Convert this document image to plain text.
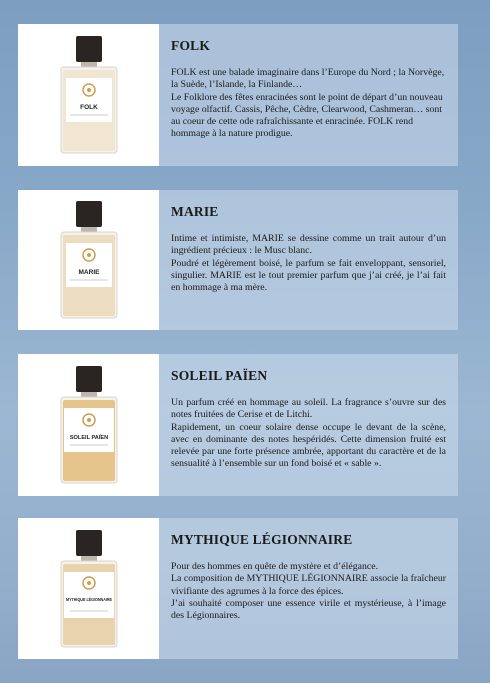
FOLK
FOLK

FOLK est une balade imaginaire dans l’Europe du Nord ; la Norvège, la Suède, l’Islande, la Finlande…
Le Folklore des fêtes enracinées sont le point de départ d’un nouveau voyage olfactif. Cassis, Pêche, Cèdre, Clearwood, Cashmeran… sont au coeur de cette ode rafraîchissante et enracinée. FOLK rend hommage à la nature prodigue.

MARIE
MARIE

Intime et intimiste, MARIE se dessine comme un trait autour d’un ingrédient précieux : le Musc blanc.
Poudré et légèrement boisé, le parfum se fait enveloppant, sensoriel, singulier. MARIE est le tout premier parfum que j’ai créé, je l’ai fait en hommage à ma mère.

SOLEIL PAÏEN
SOLEIL PAÏEN

Un parfum créé en hommage au soleil. La fragrance s’ouvre sur des notes fruitées de Cerise et de Litchi.
Rapidement, un coeur solaire dense occupe le devant de la scène, avec en dominante des notes hespéridés. Cette dimension fruité est relevée par une forte présence ambrée, apportant du caractère et de la sensualité à l’ensemble sur un fond boisé et « sable ».

MYTHIQUE LÉGIONNAIRE
MYTHIQUE LÉGIONNAIRE

Pour des hommes en quête de mystère et d’élégance.
La composition de MYTHIQUE LÉGIONNAIRE associe la fraîcheur vivifiante des agrumes à la force des épices.
J’ai souhaité composer une essence virile et mystérieuse, à l’image des Légionnaires.
